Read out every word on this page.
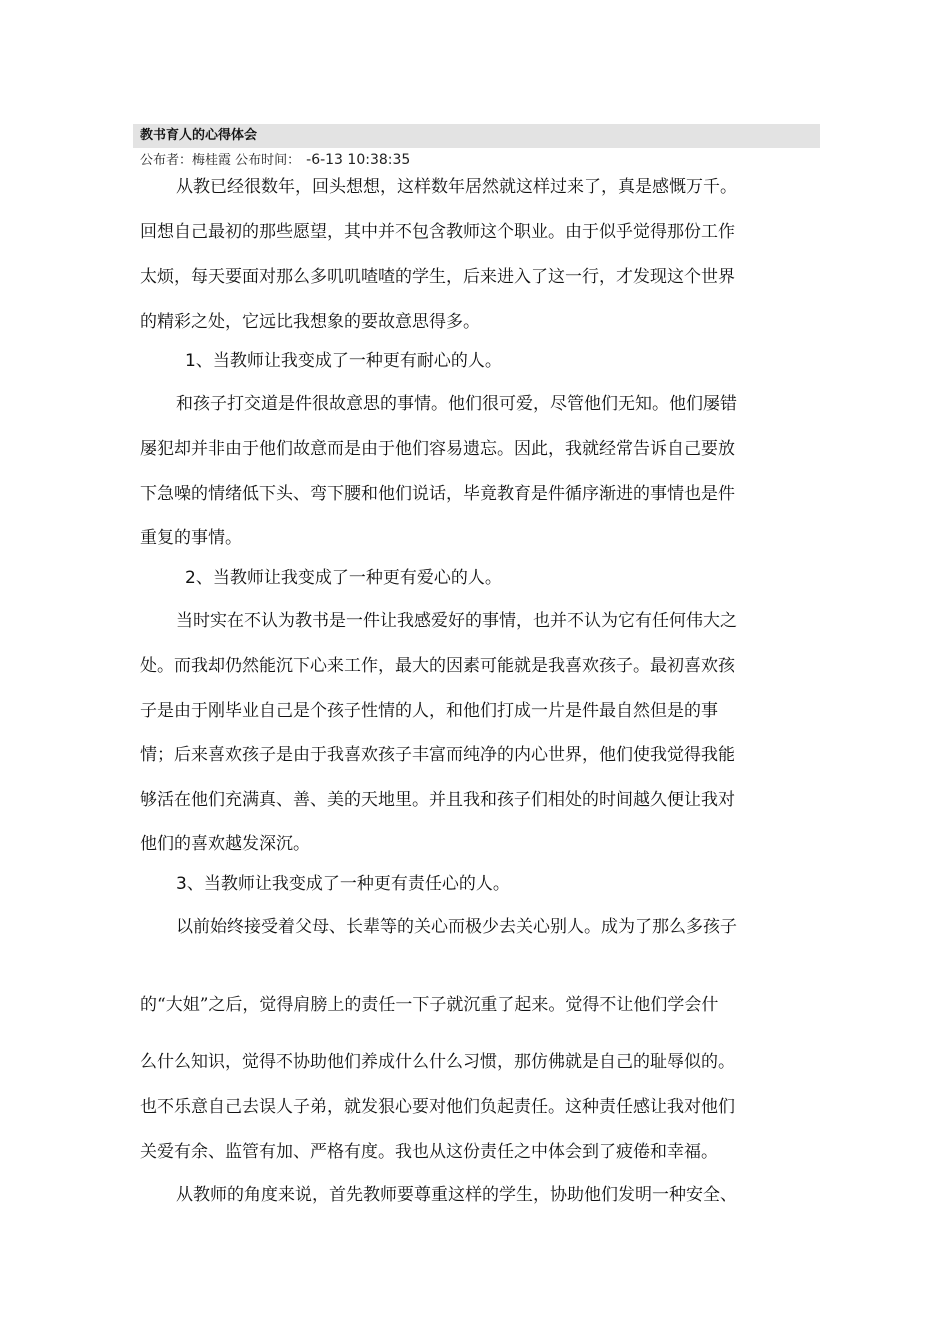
教书育人的心得体会
公布者：梅桂霞 公布时间： -6-13 10:38:35
从教已经很数年，回头想想，这样数年居然就这样过来了，真是感慨万千。
回想自己最初的那些愿望，其中并不包含教师这个职业。由于似乎觉得那份工作
太烦，每天要面对那么多叽叽喳喳的学生，后来进入了这一行，才发现这个世界
的精彩之处，它远比我想象的要故意思得多。
1、当教师让我变成了一种更有耐心的人。
和孩子打交道是件很故意思的事情。他们很可爱，尽管他们无知。他们屡错
屡犯却并非由于他们故意而是由于他们容易遗忘。因此，我就经常告诉自己要放
下急噪的情绪低下头、弯下腰和他们说话，毕竟教育是件循序渐进的事情也是件
重复的事情。
2、当教师让我变成了一种更有爱心的人。
当时实在不认为教书是一件让我感爱好的事情，也并不认为它有任何伟大之
处。而我却仍然能沉下心来工作，最大的因素可能就是我喜欢孩子。最初喜欢孩
子是由于刚毕业自己是个孩子性情的人，和他们打成一片是件最自然但是的事
情；后来喜欢孩子是由于我喜欢孩子丰富而纯净的内心世界，他们使我觉得我能
够活在他们充满真、善、美的天地里。并且我和孩子们相处的时间越久便让我对
他们的喜欢越发深沉。
3、当教师让我变成了一种更有责任心的人。
以前始终接受着父母、长辈等的关心而极少去关心别人。成为了那么多孩子
的“大姐”之后，觉得肩膀上的责任一下子就沉重了起来。觉得不让他们学会什
么什么知识，觉得不协助他们养成什么什么习惯，那仿佛就是自己的耻辱似的。
也不乐意自己去误人子弟，就发狠心要对他们负起责任。这种责任感让我对他们
关爱有余、监管有加、严格有度。我也从这份责任之中体会到了疲倦和幸福。
从教师的角度来说，首先教师要尊重这样的学生，协助他们发明一种安全、
